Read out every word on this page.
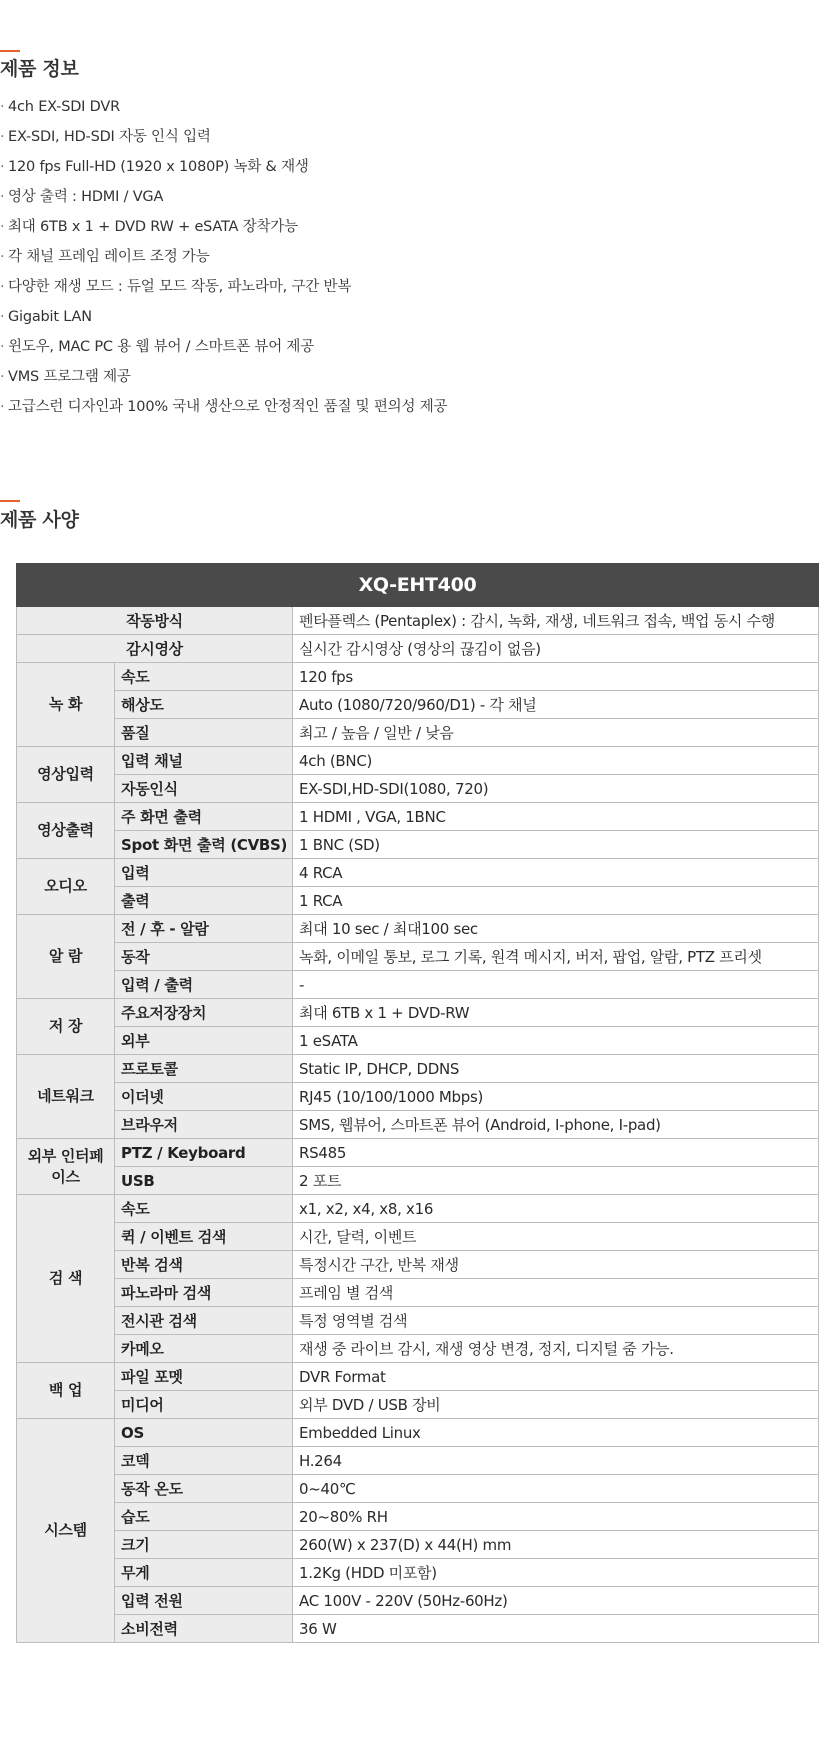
제품 정보
· 4ch EX-SDI DVR
· EX-SDI, HD-SDI 자동 인식 입력
· 120 fps Full-HD (1920 x 1080P) 녹화 & 재생
· 영상 출력 : HDMI / VGA
· 최대 6TB x 1 + DVD RW + eSATA 장착가능
· 각 채널 프레임 레이트 조정 가능
· 다양한 재생 모드 : 듀얼 모드 작동, 파노라마, 구간 반복
· Gigabit LAN
· 윈도우, MAC PC 용 웹 뷰어 / 스마트폰 뷰어 제공
· VMS 프로그램 제공
· 고급스런 디자인과 100% 국내 생산으로 안정적인 품질 및 편의성 제공
제품 사양
XQ-EHT400		
작동방식		펜타플렉스 (Pentaplex) : 감시, 녹화, 재생, 네트워크 접속, 백업 동시 수행
감시영상		실시간 감시영상 (영상의 끊김이 없음)
녹 화	속도	120 fps
	해상도	Auto (1080/720/960/D1) - 각 채널
	품질	최고 / 높음 / 일반 / 낮음
영상입력	입력 채널	4ch (BNC)
	자동인식	EX-SDI,HD-SDI(1080, 720)
영상출력	주 화면 출력	1 HDMI , VGA, 1BNC
	Spot 화면 출력 (CVBS)	1 BNC (SD)
오디오	입력	4 RCA
	출력	1 RCA
알 람	전 / 후 - 알람	최대 10 sec / 최대100 sec
	동작	녹화, 이메일 통보, 로그 기록, 원격 메시지, 버저, 팝업, 알람, PTZ 프리셋
	입력 / 출력	-
저 장	주요저장장치	최대 6TB x 1 + DVD-RW
	외부	1 eSATA
네트워크	프로토콜	Static IP, DHCP, DDNS
	이더넷	RJ45 (10/100/1000 Mbps)
	브라우저	SMS, 웹뷰어, 스마트폰 뷰어 (Android, I-phone, I-pad)
외부 인터페이스	PTZ / Keyboard	RS485
	USB	2 포트
검 색	속도	x1, x2, x4, x8, x16
	퀵 / 이벤트 검색	시간, 달력, 이벤트
	반복 검색	특정시간 구간, 반복 재생
	파노라마 검색	프레임 별 검색
	전시관 검색	특정 영역별 검색
	카메오	재생 중 라이브 감시, 재생 영상 변경, 정지, 디지털 줌 가능.
백 업	파일 포멧	DVR Format
	미디어	외부 DVD / USB 장비
시스템	OS	Embedded Linux
	코덱	H.264
	동작 온도	0~40℃
	습도	20~80% RH
	크기	260(W) x 237(D) x 44(H) mm
	무게	1.2Kg (HDD 미포함)
	입력 전원	AC 100V - 220V (50Hz-60Hz)
	소비전력	36 W
